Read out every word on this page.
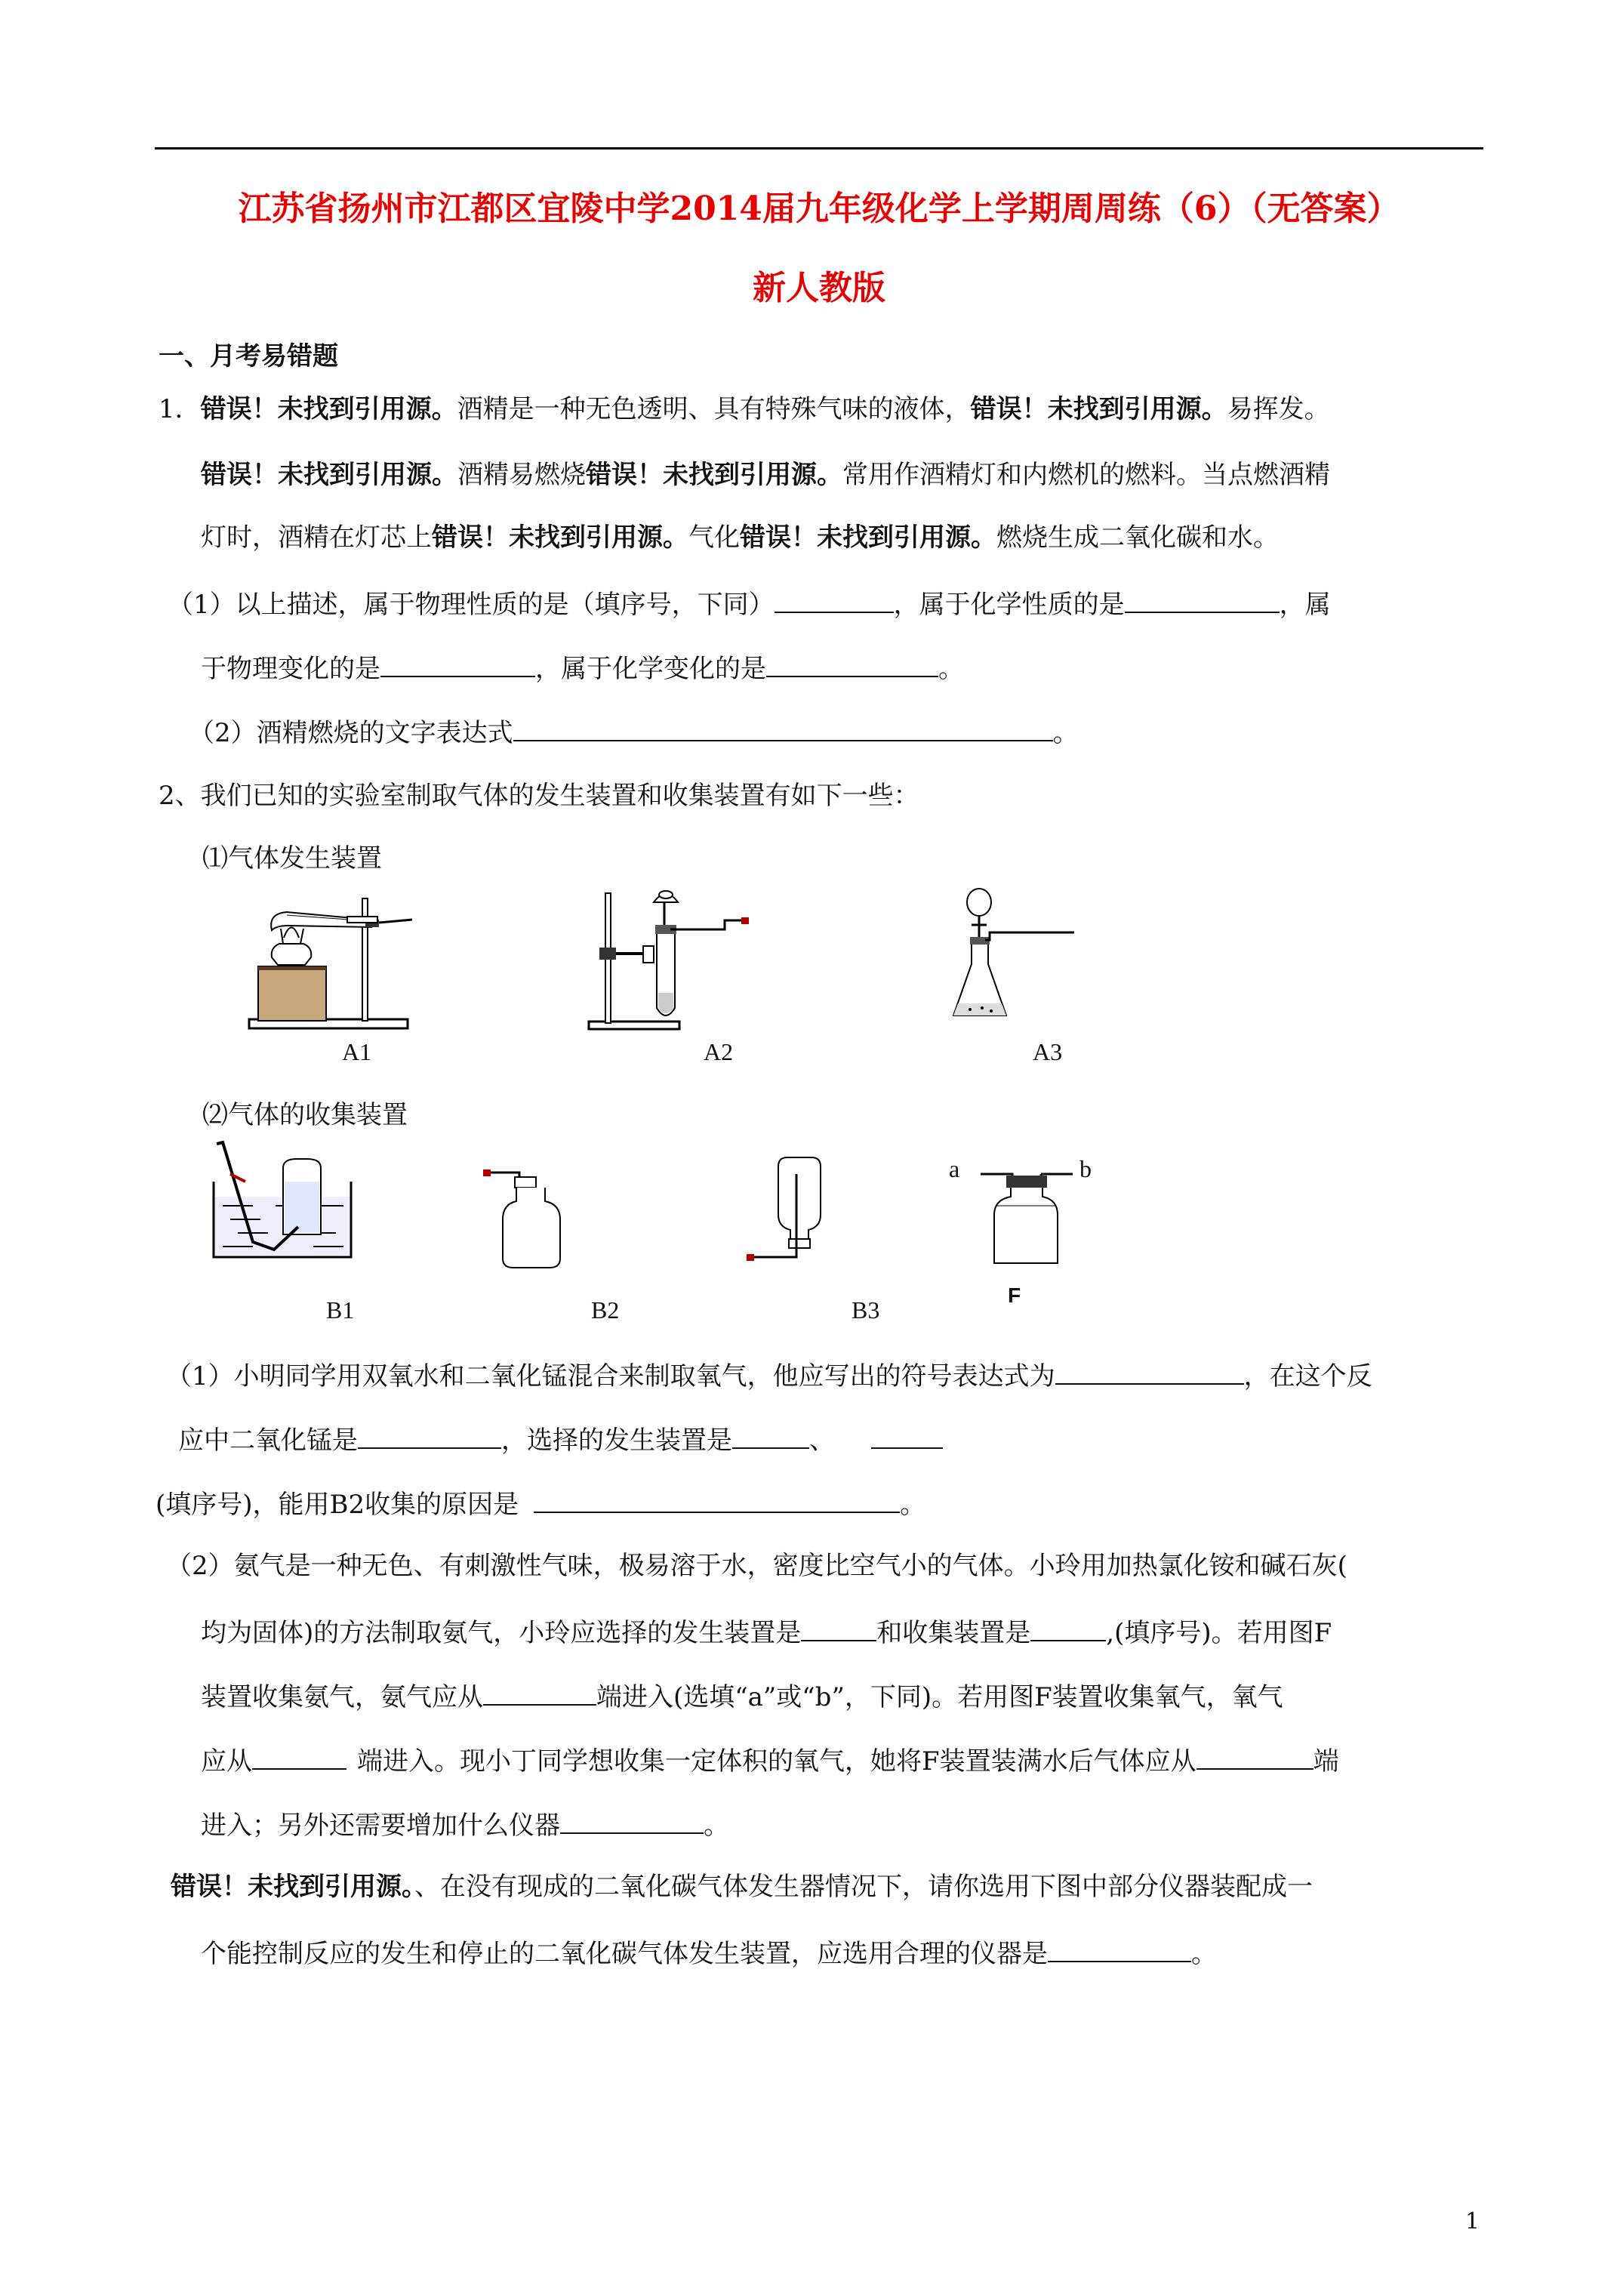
江苏省扬州市江都区宜陵中学2014届九年级化学上学期周周练（6）（无答案）
新人教版
一、月考易错题
1．错误！未找到引用源。酒精是一种无色透明、具有特殊气味的液体，错误！未找到引用源。易挥发。
错误！未找到引用源。酒精易燃烧错误！未找到引用源。常用作酒精灯和内燃机的燃料。当点燃酒精
灯时，酒精在灯芯上错误！未找到引用源。气化错误！未找到引用源。燃烧生成二氧化碳和水。
（1）以上描述，属于物理性质的是（填序号，下同）	，属于化学性质的是	，属
于物理变化的是	，属于化学变化的是	。
（2）酒精燃烧的文字表达式	。
2、我们已知的实验室制取气体的发生装置和收集装置有如下一些：
⑴气体发生装置
A1	A2	A3
⑵气体的收集装置
a	b
B1	B2	B3
F
（1）小明同学用双氧水和二氧化锰混合来制取氧气，他应写出的符号表达式为	，在这个反
应中二氧化锰是	，选择的发生装置是	、
(填序号)，能用B2收集的原因是	。
（2）氨气是一种无色、有刺激性气味，极易溶于水，密度比空气小的气体。小玲用加热氯化铵和碱石灰(
均为固体)的方法制取氨气，小玲应选择的发生装置是	和收集装置是	,(填序号)。若用图F
装置收集氨气，氨气应从	端进入(选填“a”或“b”，下同)。若用图F装置收集氧气，氧气
应从	端进入。现小丁同学想收集一定体积的氧气，她将F装置装满水后气体应从	端
进入；另外还需要增加什么仪器	。
错误！未找到引用源。、在没有现成的二氧化碳气体发生器情况下，请你选用下图中部分仪器装配成一
个能控制反应的发生和停止的二氧化碳气体发生装置，应选用合理的仪器是	。
1
